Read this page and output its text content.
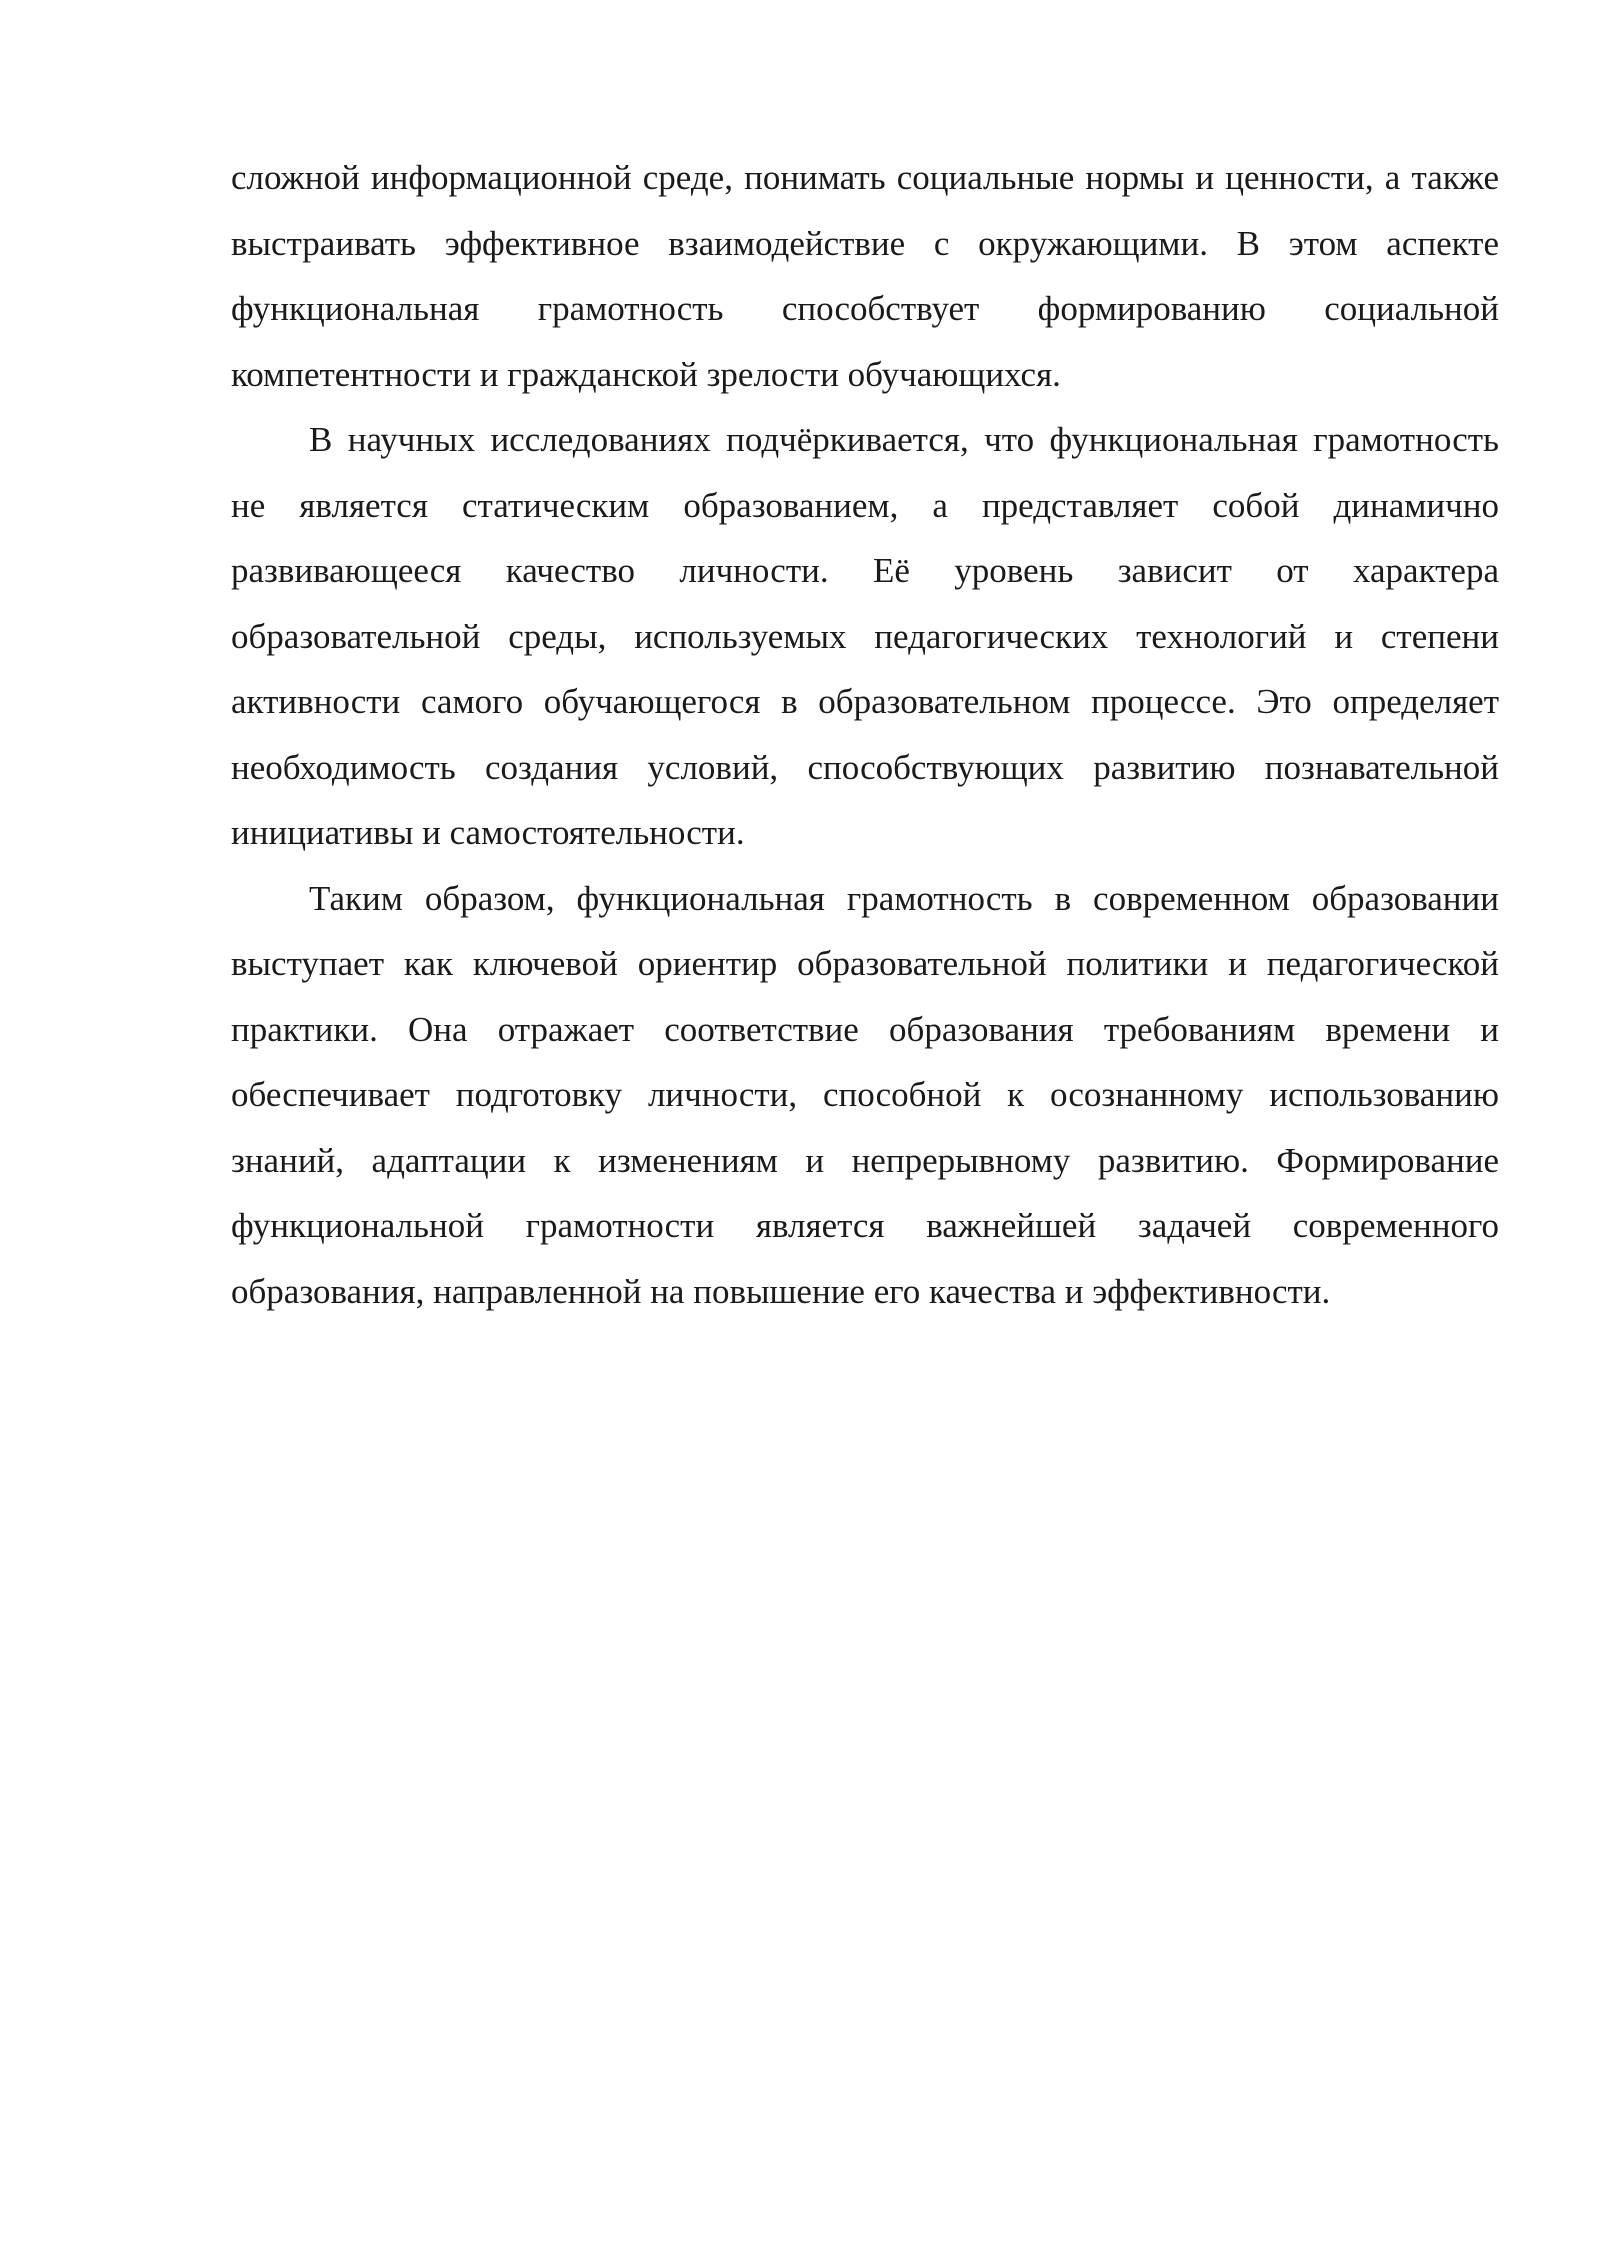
сложной информационной среде, понимать социальные нормы и ценности, а также выстраивать эффективное взаимодействие с окружающими. В этом аспекте функциональная грамотность способствует формированию социальной компетентности и гражданской зрелости обучающихся.

В научных исследованиях подчёркивается, что функциональная грамотность не является статическим образованием, а представляет собой динамично развивающееся качество личности. Её уровень зависит от характера образовательной среды, используемых педагогических технологий и степени активности самого обучающегося в образовательном процессе. Это определяет необходимость создания условий, способствующих развитию познавательной инициативы и самостоятельности.

Таким образом, функциональная грамотность в современном образовании выступает как ключевой ориентир образовательной политики и педагогической практики. Она отражает соответствие образования требованиям времени и обеспечивает подготовку личности, способной к осознанному использованию знаний, адаптации к изменениям и непрерывному развитию. Формирование функциональной грамотности является важнейшей задачей современного образования, направленной на повышение его качества и эффективности.
